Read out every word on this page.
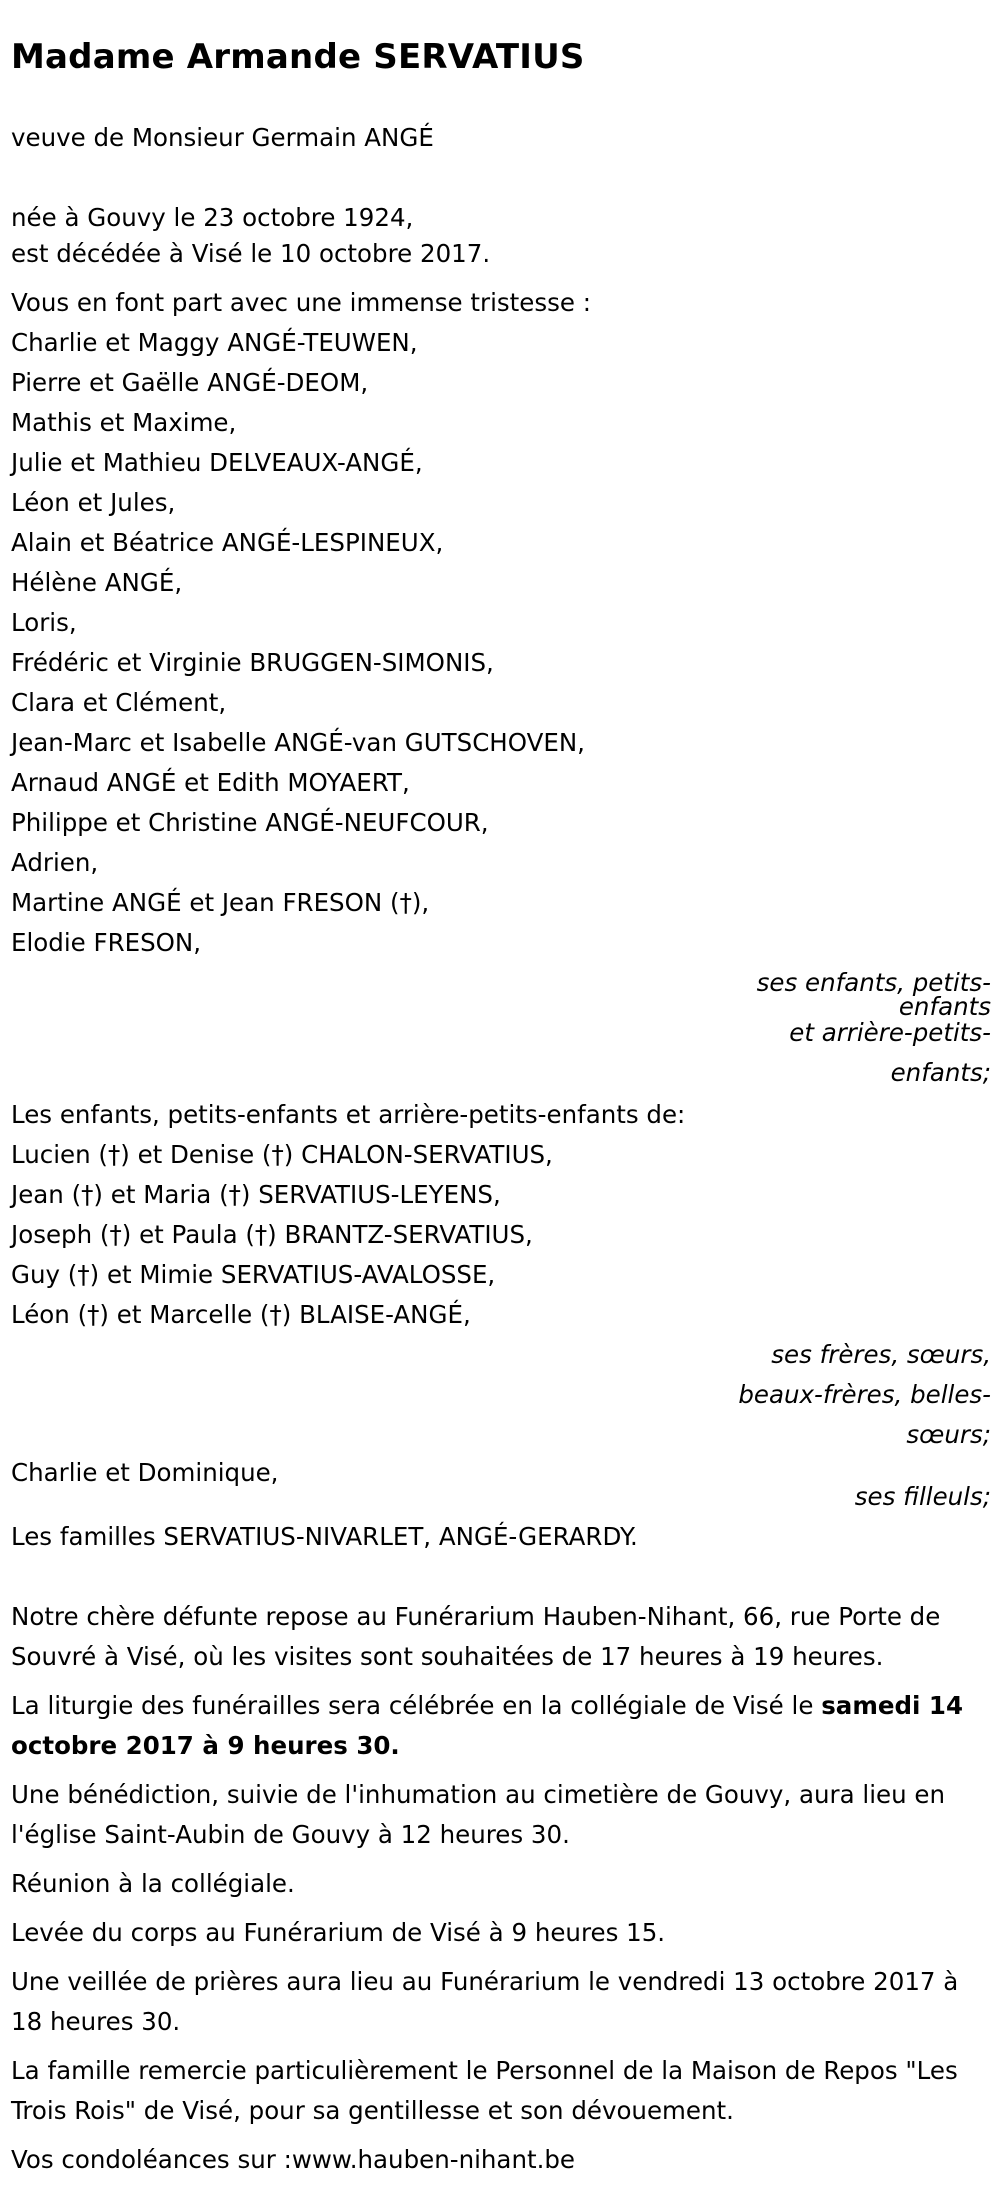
Madame Armande SERVATIUS

veuve de Monsieur Germain ANGÉ

née à Gouvy le 23 octobre 1924,

est décédée à Visé le 10 octobre 2017.

Vous en font part avec une immense tristesse :

Charlie et Maggy ANGÉ-TEUWEN,

Pierre et Gaëlle ANGÉ-DEOM,

Mathis et Maxime,

Julie et Mathieu DELVEAUX-ANGÉ,

Léon et Jules,

Alain et Béatrice ANGÉ-LESPINEUX,

Hélène ANGÉ,

Loris,

Frédéric et Virginie BRUGGEN-SIMONIS,

Clara et Clément,

Jean-Marc et Isabelle ANGÉ-van GUTSCHOVEN,

Arnaud ANGÉ et Edith MOYAERT,

Philippe et Christine ANGÉ-NEUFCOUR,

Adrien,

Martine ANGÉ et Jean FRESON (†),

Elodie FRESON,

ses enfants, petits-

enfants

et arrière-petits-

enfants;

Les enfants, petits-enfants et arrière-petits-enfants de:

Lucien (†) et Denise (†) CHALON-SERVATIUS,

Jean (†) et Maria (†) SERVATIUS-LEYENS,

Joseph (†) et Paula (†) BRANTZ-SERVATIUS,

Guy (†) et Mimie SERVATIUS-AVALOSSE,

Léon (†) et Marcelle (†) BLAISE-ANGÉ,

ses frères, sœurs,

beaux-frères, belles-

sœurs;

Charlie et Dominique,

ses filleuls;

Les familles SERVATIUS-NIVARLET, ANGÉ-GERARDY.

Notre chère défunte repose au Funérarium Hauben-Nihant, 66, rue Porte de Souvré à Visé, où les visites sont souhaitées de 17 heures à 19 heures.

La liturgie des funérailles sera célébrée en la collégiale de Visé le samedi 14 octobre 2017 à 9 heures 30.

Une bénédiction, suivie de l'inhumation au cimetière de Gouvy, aura lieu en l'église Saint-Aubin de Gouvy à 12 heures 30.

Réunion à la collégiale.

Levée du corps au Funérarium de Visé à 9 heures 15.

Une veillée de prières aura lieu au Funérarium le vendredi 13 octobre 2017 à 18 heures 30.

La famille remercie particulièrement le Personnel de la Maison de Repos "Les Trois Rois" de Visé, pour sa gentillesse et son dévouement.

Vos condoléances sur :www.hauben-nihant.be
